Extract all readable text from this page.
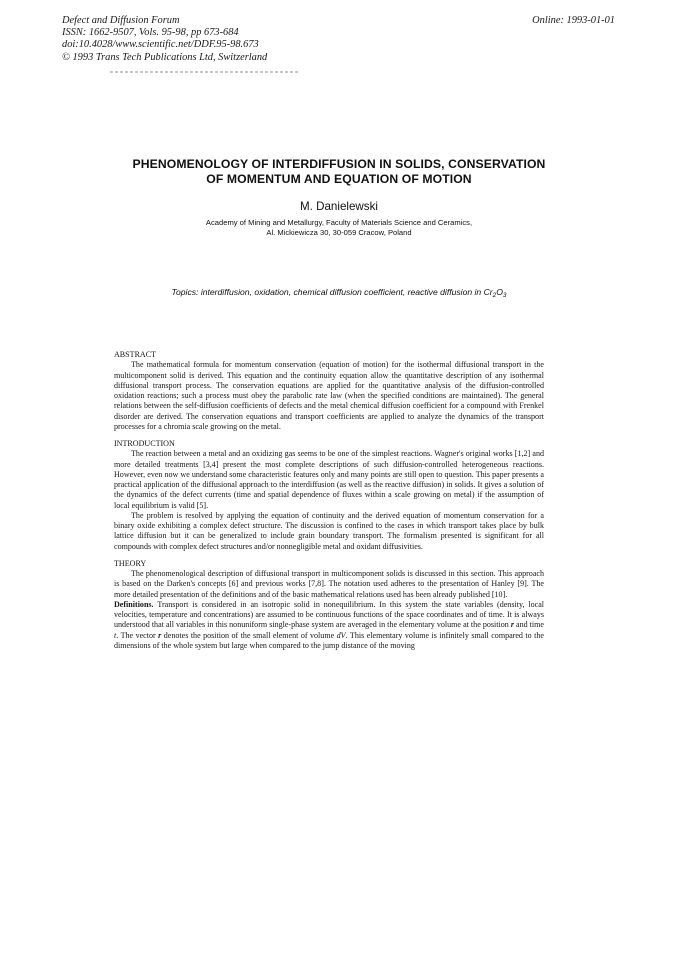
Defect and Diffusion Forum
ISSN: 1662-9507, Vols. 95-98, pp 673-684
doi:10.4028/www.scientific.net/DDF.95-98.673
© 1993 Trans Tech Publications Ltd, Switzerland
Online: 1993-01-01
PHENOMENOLOGY OF INTERDIFFUSION IN SOLIDS, CONSERVATION
OF MOMENTUM AND EQUATION OF MOTION
M. Danielewski
Academy of Mining and Metallurgy, Faculty of Materials Science and Ceramics,
Al. Mickiewicza 30, 30-059 Cracow, Poland
Topics: interdiffusion, oxidation, chemical diffusion coefficient, reactive diffusion in $Cr_2O_3$
ABSTRACT

The mathematical formula for momentum conservation (equation of motion) for the isothermal diffusional transport in the multicomponent solid is derived. This equation and the continuity equation allow the quantitative description of any isothermal diffusional transport process. The conservation equations are applied for the quantitative analysis of the diffusion-controlled oxidation reactions; such a process must obey the parabolic rate law (when the specified conditions are maintained). The general relations between the self-diffusion coefficients of defects and the metal chemical diffusion coefficient for a compound with Frenkel disorder are derived. The conservation equations and transport coefficients are applied to analyze the dynamics of the transport processes for a chromia scale growing on the metal.

INTRODUCTION

The reaction between a metal and an oxidizing gas seems to be one of the simplest reactions. Wagner's original works [1,2] and more detailed treatments [3,4] present the most complete descriptions of such diffusion-controlled heterogeneous reactions. However, even now we understand some characteristic features only and many points are still open to question. This paper presents a practical application of the diffusional approach to the interdiffusion (as well as the reactive diffusion) in solids. It gives a solution of the dynamics of the defect currents (time and spatial dependence of fluxes within a scale growing on metal) if the assumption of local equilibrium is valid [5].

The problem is resolved by applying the equation of continuity and the derived equation of momentum conservation for a binary oxide exhibiting a complex defect structure. The discussion is confined to the cases in which transport takes place by bulk lattice diffusion but it can be generalized to include grain boundary transport. The formalism presented is significant for all compounds with complex defect structures and/or nonnegligible metal and oxidant diffusivities.

THEORY

The phenomenological description of diffusional transport in multicomponent solids is discussed in this section. This approach is based on the Darken's concepts [6] and previous works [7,8]. The notation used adheres to the presentation of Hanley [9]. The more detailed presentation of the definitions and of the basic mathematical relations used has been already published [10].

Definitions. Transport is considered in an isotropic solid in nonequilibrium. In this system the state variables (density, local velocities, temperature and concentrations) are assumed to be continuous functions of the space coordinates and of time. It is always understood that all variables in this nonuniform single-phase system are averaged in the elementary volume at the position r and time t. The vector r denotes the position of the small element of volume dV. This elementary volume is infinitely small compared to the dimensions of the whole system but large when compared to the jump distance of the moving
